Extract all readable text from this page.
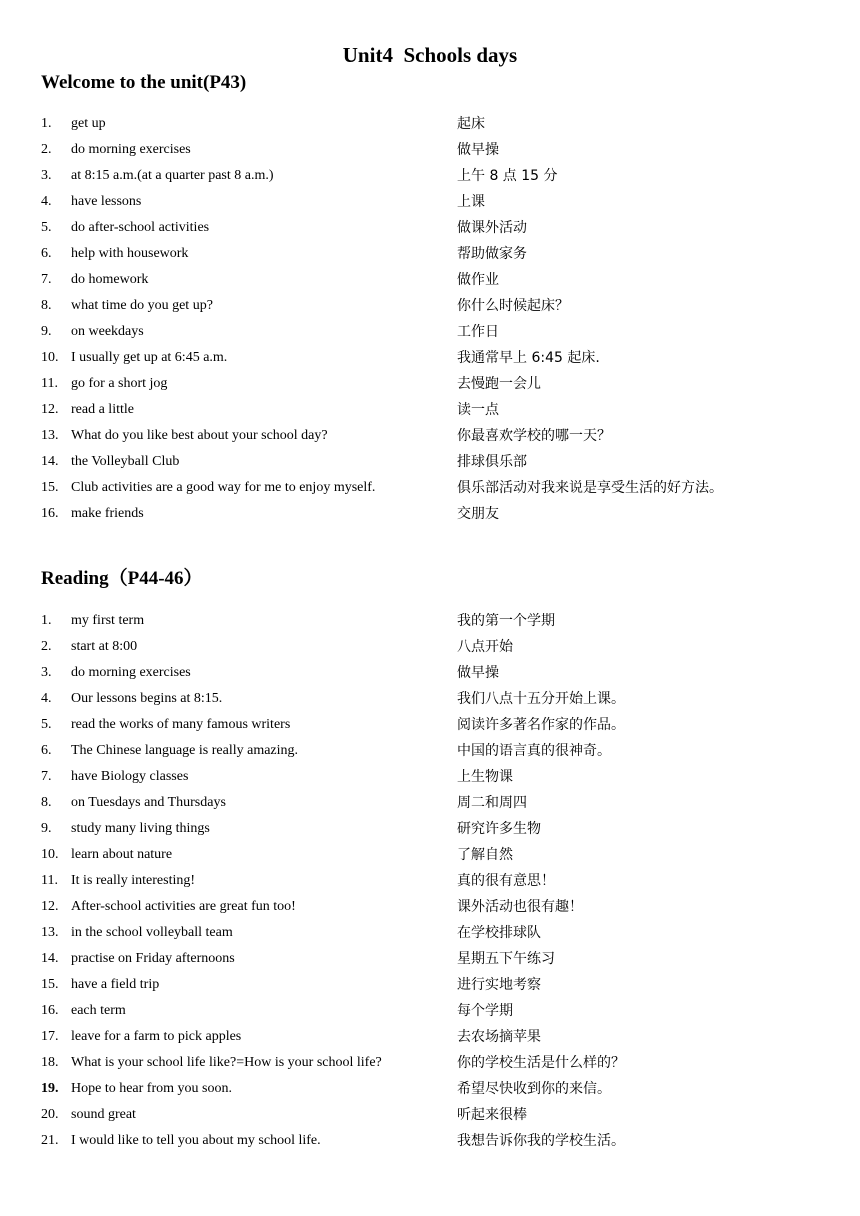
Unit4  Schools days
Welcome to the unit(P43)
1. get up	起床
2. do morning exercises	做早操
3. at 8:15 a.m.(at a quarter past 8 a.m.)	上午 8 点 15 分
4. have lessons	上课
5. do after-school activities	做课外活动
6. help with housework	帮助做家务
7. do homework	做作业
8. what time do you get up?	你什么时候起床？
9. on weekdays	工作日
10. I usually get up at 6:45 a.m.	我通常早上 6:45 起床.
11. go for a short jog	去慢跑一会儿
12. read a little	读一点
13. What do you like best about your school day?	你最喜欢学校的哪一天？
14. the Volleyball Club	排球俱乐部
15. Club activities are a good way for me to enjoy myself.	俱乐部活动对我来说是享受生活的好方法。
16. make friends	交朋友
Reading（P44-46）
1. my first term	我的第一个学期
2. start at 8:00	八点开始
3. do morning exercises	做早操
4. Our lessons begins at 8:15.	我们八点十五分开始上课。
5. read the works of many famous writers	阅读许多著名作家的作品。
6. The Chinese language is really amazing.	中国的语言真的很神奇。
7. have Biology classes	上生物课
8. on Tuesdays and Thursdays	周二和周四
9. study many living things	研究许多生物
10. learn about nature	了解自然
11. It is really interesting!	真的很有意思！
12. After-school activities are great fun too!	课外活动也很有趣！
13. in the school volleyball team	在学校排球队
14. practise on Friday afternoons	星期五下午练习
15. have a field trip	进行实地考察
16. each term	每个学期
17. leave for a farm to pick apples	去农场摘苹果
18. What is your school life like?=How is your school life?	你的学校生活是什么样的？
19. Hope to hear from you soon.	希望尽快收到你的来信。
20. sound great	听起来很棒
21. I would like to tell you about my school life.	我想告诉你我的学校生活。
